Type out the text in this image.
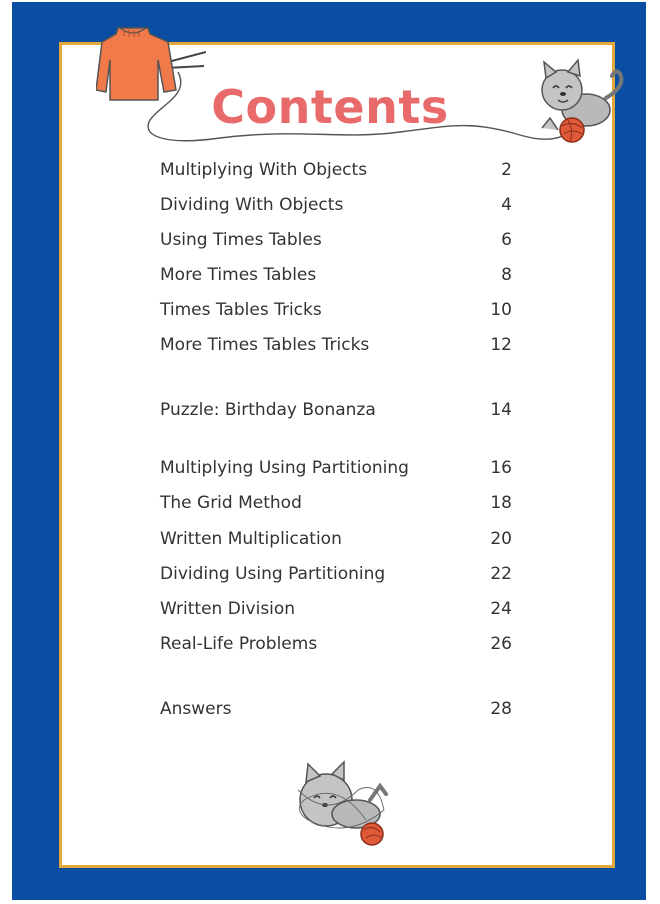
Contents
Multiplying With Objects	2
Dividing With Objects	4
Using Times Tables	6
More Times Tables	8
Times Tables Tricks	10
More Times Tables Tricks	12
Puzzle: Birthday Bonanza	14
Multiplying Using Partitioning	16
The Grid Method	18
Written Multiplication	20
Dividing Using Partitioning	22
Written Division	24
Real-Life Problems	26
Answers	28
